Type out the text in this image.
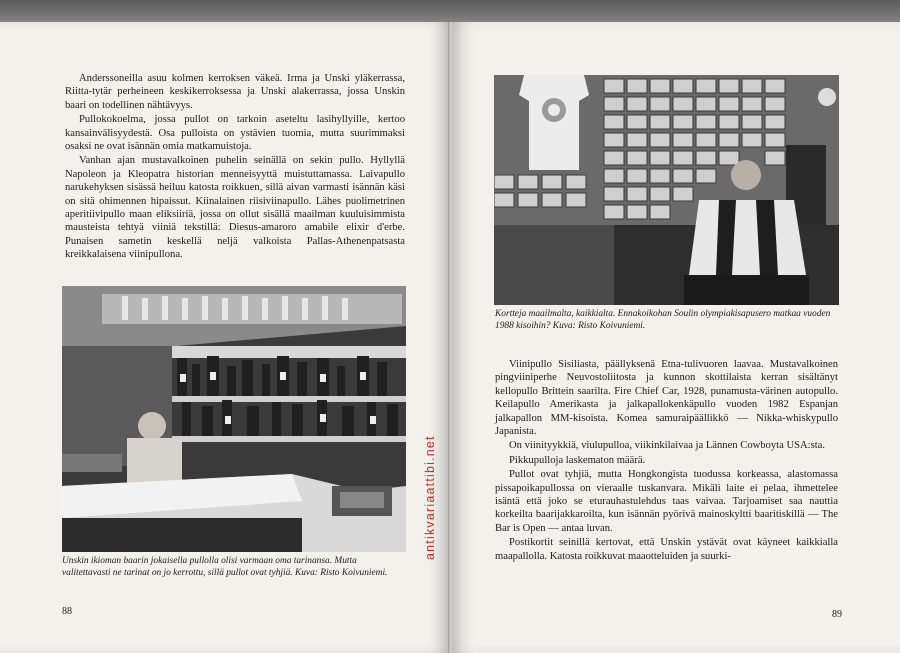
Anderssoneilla asuu kolmen kerroksen väkeä. Irma ja Unski yläkerrassa, Riitta-tytär perheineen keskikerroksessa ja Unski alakerrassa, jossa Unskin baari on todellinen nähtävyys.

Pullokokoelma, jossa pullot on tarkoin aseteltu lasihyllyille, kertoo kansainvälisyydestä. Osa pulloista on ystävien tuomia, mutta suurimmaksi osaksi ne ovat isännän omia matkamuistoja.

Vanhan ajan mustavalkoinen puhelin seinällä on sekin pullo. Hyllyllä Napoleon ja Kleopatra historian menneisyyttä muistuttamassa. Laivapullo narukehyksen sisässä heiluu katosta roikkuen, sillä aivan varmasti isännän käsi on sitä ohimennen hipaissut. Kiinalainen riisiviinapullo. Lähes puolimetrinen aperitiivipullo maan eliksiiriä, jossa on ollut sisällä maailman kuuluisimmista mausteista tehtyä viiniä tekstillä: Diesus-amaroro amabile elixir d'erbe. Punaisen sametin keskellä neljä valkoista Pallas-Athenenpatsasta kreikkalaisena viinipullona.

Unskin ikioman baarin jokaisella pullolla olisi varmaan oma tarinansa. Mutta valitettavasti ne tarinat on jo kerrottu, sillä pullot ovat tyhjiä. Kuva: Risto Koivuniemi.
88
Kortteja maailmalta, kaikkialta. Ennakoikohan Soulin olympiakisapusero matkaa vuoden 1988 kisoihin? Kuva: Risto Koivuniemi.

Viinipullo Sisiliasta, päällyksenä Etna-tulivuoren laavaa. Mustavalkoinen pingviiniperhe Neuvostoliitosta ja kunnon skottilaista kerran sisältänyt kellopullo Brittein saarilta. Fire Chief Car, 1928, punamusta-värinen autopullo. Keilapullo Amerikasta ja jalkapallokenkäpullo vuoden 1982 Espanjan jalkapallon MM-kisoista. Komea samuraipäällikkö — Nikka-whiskypullo Japanista.

On viinityykkiä, viulupulloa, viikinkilaivaa ja Lännen Cowboyta USA:sta.

Pikkupulloja laskematon määrä.

Pullot ovat tyhjiä, mutta Hongkongista tuodussa korkeassa, alastomassa pissapoikapullossa on vieraalle tuskanvara. Mikäli laite ei pelaa, ihmettelee isäntä että joko se eturauhastulehdus taas vaivaa. Tarjoamiset saa nauttia korkeilta baarijakkaroilta, kun isännän pyörivä mainoskyltti baaritiskillä — The Bar is Open — antaa luvan.

Postikortit seinillä kertovat, että Unskin ystävät ovat käyneet kaikkialla maapallolla. Katosta roikkuvat maaotteluiden ja suurki-

89
antikvariaattibi.net
